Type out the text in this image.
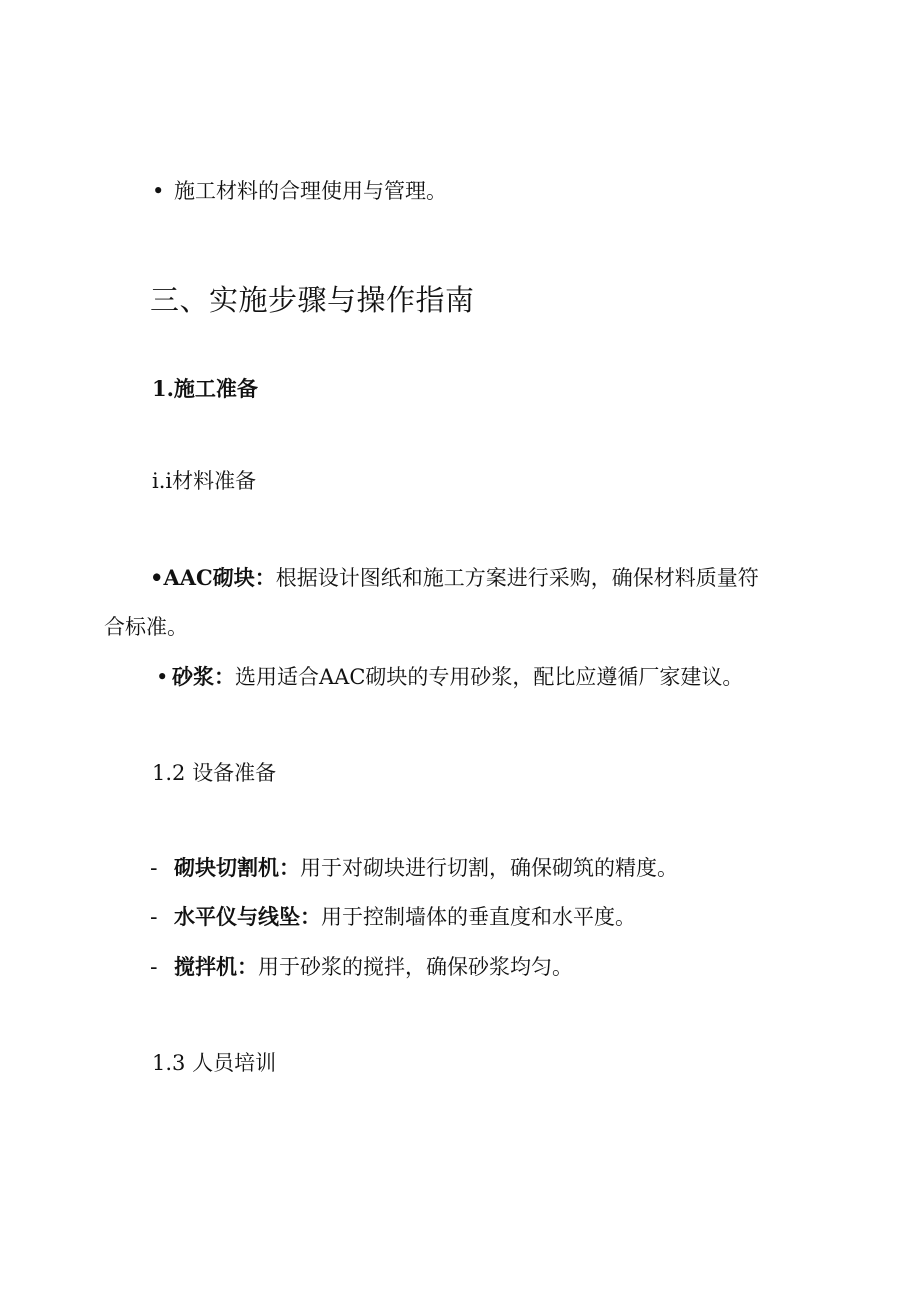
• 施工材料的合理使用与管理。
三、实施步骤与操作指南
1.施工准备
i.i材料准备
•AAC砌块：根据设计图纸和施工方案进行采购，确保材料质量符
合标准。
• 砂浆：选用适合AAC砌块的专用砂浆，配比应遵循厂家建议。
1.2 设备准备
- 砌块切割机：用于对砌块进行切割，确保砌筑的精度。
- 水平仪与线坠：用于控制墙体的垂直度和水平度。
- 搅拌机：用于砂浆的搅拌，确保砂浆均匀。
1.3 人员培训
